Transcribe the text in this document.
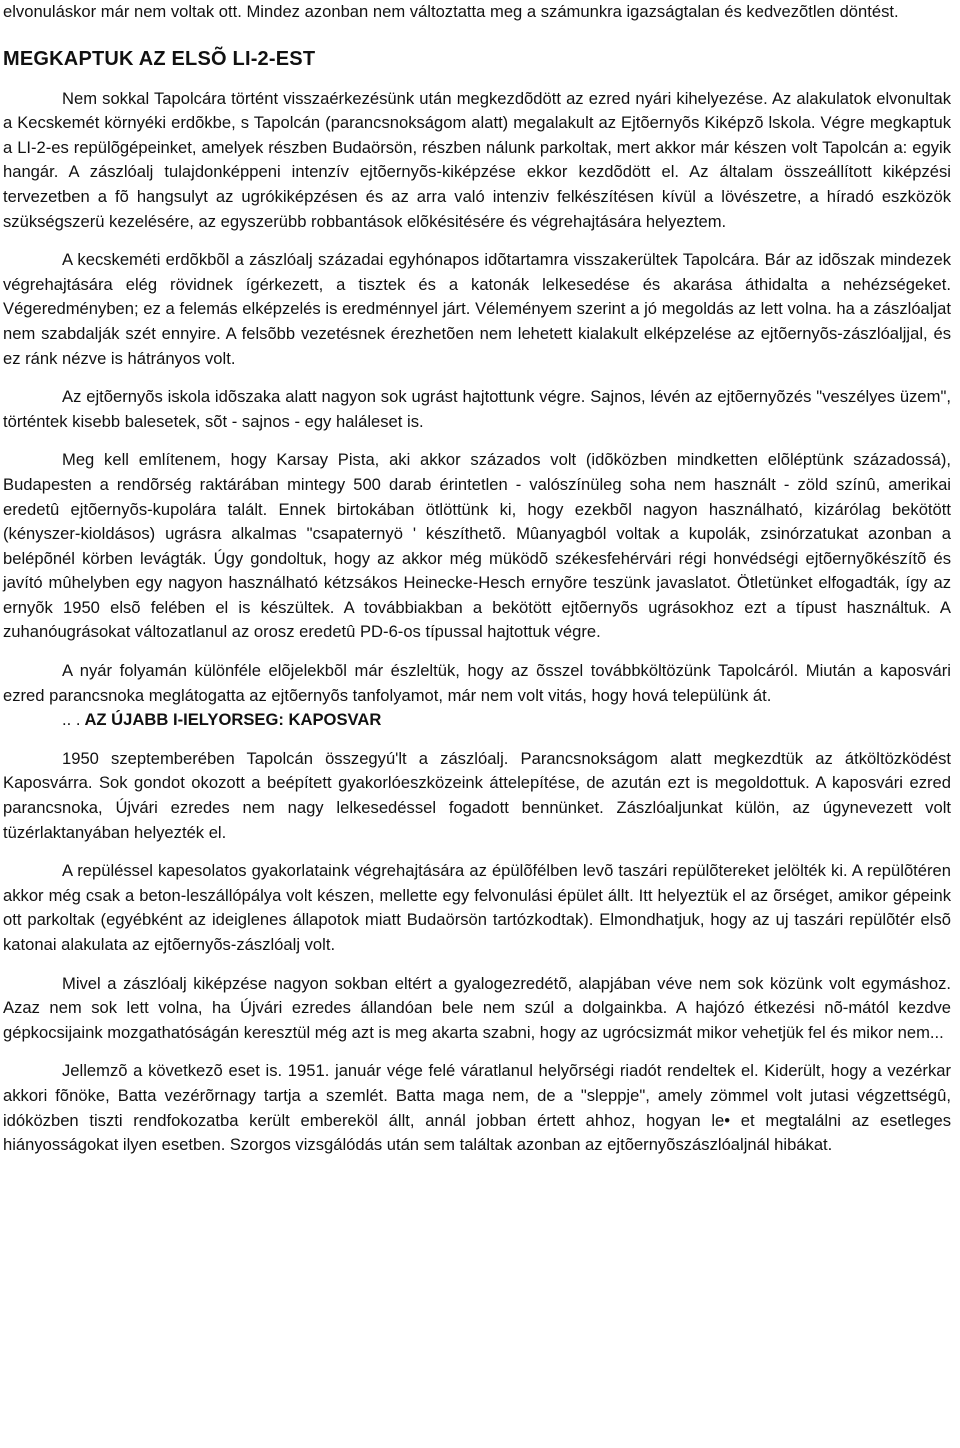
elvonuláskor már nem voltak ott. Mindez azonban nem változtatta meg a számunkra igazságtalan és kedvezõtlen döntést.

MEGKAPTUK AZ ELSÕ LI-2-EST

Nem sokkal Tapolcára történt visszaérkezésünk után megkezdõdött az ezred nyári kihelyezése. Az alakulatok elvonultak a Kecskemét környéki erdõkbe, s Tapolcán (parancsnokságom alatt) megalakult az Ejtõernyõs Kiképzõ lskola. Végre megkaptuk a LI-2-es repülõgépeinket, amelyek részben Budaörsön, részben nálunk parkoltak, mert akkor már készen volt Tapolcán a: egyik hangár. A zászlóalj tulajdonképpeni intenzív ejtõernyõs-kiképzése ekkor kezdõdött el. Az általam összeállított kiképzési tervezetben a fõ hangsulyt az ugrókiképzésen és az arra való intenziv felkészítésen kívül a lövészetre, a híradó eszközök szükségszerü kezelésére, az egyszerübb robbantások elõkésitésére és végrehajtására helyeztem.

A kecskeméti erdõkbõl a zászlóalj századai egyhónapos idõtartamra visszakerültek Tapolcára. Bár az idõszak mindezek végrehajtására elég rövidnek ígérkezett, a tisztek és a katonák lelkesedése és akarása áthidalta a nehézségeket. Végeredményben; ez a felemás elképzelés is eredménnyel járt. Véleményem szerint a jó megoldás az lett volna. ha a zászlóaljat nem szabdalják szét ennyire. A felsõbb vezetésnek érezhetõen nem lehetett kialakult elképzelése az ejtõernyõs-zászlóaljjal, és ez ránk nézve is hátrányos volt.

Az ejtõernyõs iskola idõszaka alatt nagyon sok ugrást hajtottunk végre. Sajnos, lévén az ejtõernyõzés "veszélyes üzem", történtek kisebb balesetek, sõt - sajnos - egy haláleset is.

Meg kell említenem, hogy Karsay Pista, aki akkor százados volt (idõközben mindketten elõléptünk századossá), Budapesten a rendõrség raktárában mintegy 500 darab érintetlen - valószínüleg soha nem használt - zöld színû, amerikai eredetû ejtõernyõs-kupolára talált. Ennek birtokában ötlöttünk ki, hogy ezekbõl nagyon használható, kizárólag bekötött (kényszer-kioldásos) ugrásra alkalmas "csapaternyö ' készíthetõ. Mûanyagból voltak a kupolák, zsinórzatukat azonban a belépõnél körben levágták. Úgy gondoltuk, hogy az akkor még müködõ székesfehérvári régi honvédségi ejtõernyõkészítõ és javító mûhelyben egy nagyon használható kétzsákos Heinecke-Hesch ernyõre teszünk javaslatot. Ötletünket elfogadták, így az ernyõk 1950 elsõ felében el is készültek. A továbbiakban a bekötött ejtõernyõs ugrásokhoz ezt a típust használtuk. A zuhanóugrásokat változatlanul az orosz eredetû PD-6-os típussal hajtottuk végre.

A nyár folyamán különféle elõjelekbõl már észleltük, hogy az õsszel továbbköltözünk Tapolcáról. Miután a kaposvári ezred parancsnoka meglátogatta az ejtõernyõs tanfolyamot, már nem volt vitás, hogy hová települünk át.

.. . AZ ÚJABB I-IELYORSEG: KAPOSVAR

1950 szeptemberében Tapolcán összegyú'lt a zászlóalj. Parancsnokságom alatt megkezdtük az átköltözködést Kaposvárra. Sok gondot okozott a beépített gyakorlóeszközeink áttelepítése, de azután ezt is megoldottuk. A kaposvári ezred parancsnoka, Újvári ezredes nem nagy lelkesedéssel fogadott bennünket. Zászlóaljunkat külön, az úgynevezett volt tüzérlaktanyában helyezték el.

A repüléssel kapesolatos gyakorlataink végrehajtására az épülõfélben levõ taszári repülõtereket jelölték ki. A repülõtéren akkor még csak a beton-leszállópálya volt készen, mellette egy felvonulási épület állt. Itt helyeztük el az õrséget, amikor gépeink ott parkoltak (egyébként az ideiglenes állapotok miatt Budaörsön tartózkodtak). Elmondhatjuk, hogy az uj taszári repülõtér elsõ katonai alakulata az ejtõernyõs-zászlóalj volt.

Mivel a zászlóalj kiképzése nagyon sokban eltért a gyalogezredétõ, alapjában véve nem sok közünk volt egymáshoz. Azaz nem sok lett volna, ha Újvári ezredes állandóan bele nem szúl a dolgainkba. A hajózó étkezési nõ-mától kezdve gépkocsijaink mozgathatóságán keresztül még azt is meg akarta szabni, hogy az ugrócsizmát mikor vehetjük fel és mikor nem...

Jellemzõ a következõ eset is. 1951. január vége felé váratlanul helyõrségi riadót rendeltek el. Kiderült, hogy a vezérkar akkori fõnöke, Batta vezérõrnagy tartja a szemlét. Batta maga nem, de a "sleppje", amely zömmel volt jutasi végzettségû, idóközben tiszti rendfokozatba került embereköl állt, annál jobban értett ahhoz, hogyan le• et megtalálni az esetleges hiányosságokat ilyen esetben. Szorgos vizsgálódás után sem találtak azonban az ejtõernyõszászlóaljnál hibákat.
